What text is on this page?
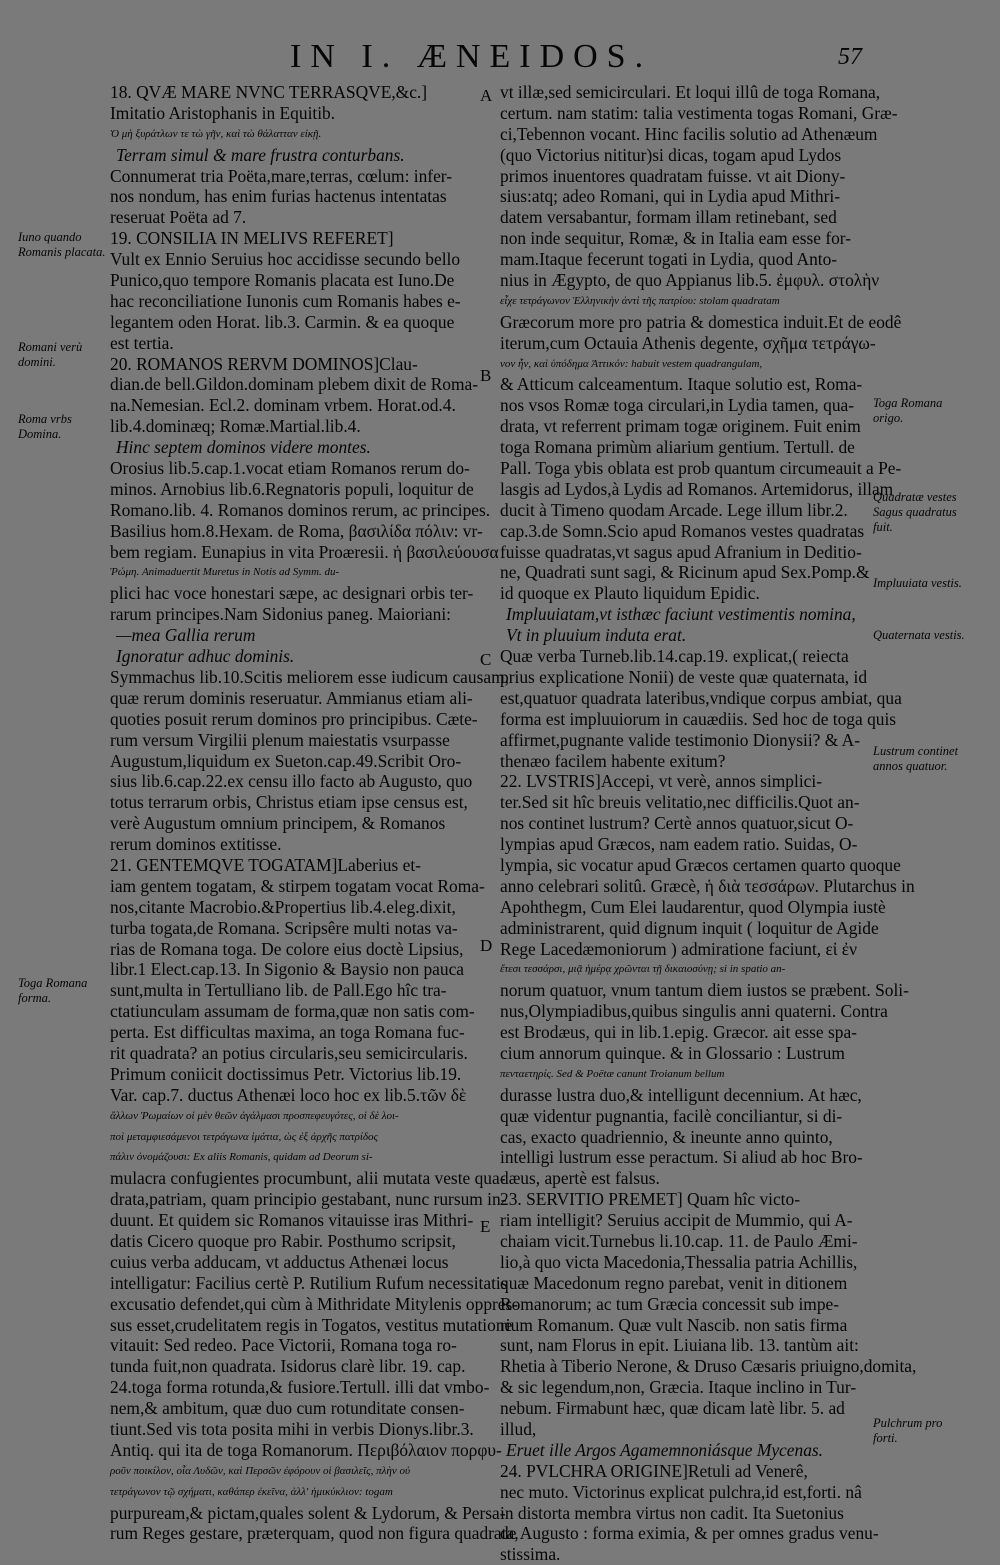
IN I. ÆNEIDOS.	57
A
B
C
D
E
Iuno quando Romanis placata.
Romani verù domini.
Roma vrbs Domina.
Toga Romana forma.
Toga Romana origo.
Quadratæ vestes Sagus quadratus fuit.
Impluuiata vestis.
Quaternata vestis.
Lustrum continet annos quatuor.
Pulchrum pro forti.
18. QVÆ MARE NVNC TERRASQVE,&c.]
Imitatio Aristophanis in Equitib.
Ὁ μὴ ξυράτλων τε τὼ γῆν, καὶ τὼ θάλατταν εἰκῇ.
Terram simul & mare frustra conturbans.
Connumerat tria Poëta,mare,terras, cœlum: infer-
nos nondum, has enim furias hactenus intentatas
reseruat Poëta ad 7.
19. CONSILIA IN MELIVS REFERET]
Vult ex Ennio Seruius hoc accidisse secundo bello
Punico,quo tempore Romanis placata est Iuno.De
hac reconciliatione Iunonis cum Romanis habes e-
legantem oden Horat. lib.3. Carmin. & ea quoque
est tertia.
20. ROMANOS RERVM DOMINOS]Clau-
dian.de bell.Gildon.dominam plebem dixit de Roma-
na.Nemesian. Ecl.2. dominam vrbem. Horat.od.4.
lib.4.dominæq; Romæ.Martial.lib.4.
Hinc septem dominos videre montes.
Orosius lib.5.cap.1.vocat etiam Romanos rerum do-
minos. Arnobius lib.6.Regnatoris populi, loquitur de
Romano.lib. 4. Romanos dominos rerum, ac principes.
Basilius hom.8.Hexam. de Roma, βασιλίδα πόλιν: vr-
bem regiam. Eunapius in vita Proæresii. ἡ βασιλεύουσα
Ῥώμη. Animaduertit Muretus in Notis ad Symm. du-
plici hac voce honestari sæpe, ac designari orbis ter-
rarum principes.Nam Sidonius paneg. Maioriani:
—mea Gallia rerum
Ignoratur adhuc dominis.
Symmachus lib.10.Scitis meliorem esse iudicum causam,
quæ rerum dominis reseruatur. Ammianus etiam ali-
quoties posuit rerum dominos pro principibus. Cæte-
rum versum Virgilii plenum maiestatis vsurpasse
Augustum,liquidum ex Sueton.cap.49.Scribit Oro-
sius lib.6.cap.22.ex censu illo facto ab Augusto, quo
totus terrarum orbis, Christus etiam ipse census est,
verè Augustum omnium principem, & Romanos
rerum dominos extitisse.
21. GENTEMQVE TOGATAM]Laberius et-
iam gentem togatam, & stirpem togatam vocat Roma-
nos,citante Macrobio.&Propertius lib.4.eleg.dixit,
turba togata,de Romana. Scripsêre multi notas va-
rias de Romana toga. De colore eius doctè Lipsius,
libr.1 Elect.cap.13. In Sigonio & Baysio non pauca
sunt,multa in Tertulliano lib. de Pall.Ego hîc tra-
ctatiunculam assumam de forma,quæ non satis com-
perta. Est difficultas maxima, an toga Romana fuc-
rit quadrata? an potius circularis,seu semicircularis.
Primum coniicit doctissimus Petr. Victorius lib.19.
Var. cap.7. ductus Athenæi loco hoc ex lib.5.τῶν δὲ
ἄλλων Ῥωμαίων οἱ μὲν θεῶν ἀγάλμασι προσπεφευγότες, οἱ δὲ λοι-
ποὶ μεταμφιεσάμενοι τετράγωνα ἱμάτια, ὡς ἐξ ἀρχῆς πατρίδος
πάλιν ὀνομάζουσι: Ex aliis Romanis, quidam ad Deorum si-
mulacra confugientes procumbunt, alii mutata veste qua-
drata,patriam, quam principio gestabant, nunc rursum in-
duunt. Et quidem sic Romanos vitauisse iras Mithri-
datis Cicero quoque pro Rabir. Posthumo scripsit,
cuius verba adducam, vt adductus Athenæi locus
intelligatur: Facilius certè P. Rutilium Rufum necessitatis
excusatio defendet,qui cùm à Mithridate Mitylenis oppres-
sus esset,crudelitatem regis in Togatos, vestitus mutatione
vitauit: Sed redeo. Pace Victorii, Romana toga ro-
tunda fuit,non quadrata. Isidorus clarè libr. 19. cap.
24.toga forma rotunda,& fusiore.Tertull. illi dat vmbo-
nem,& ambitum, quæ duo cum rotunditate consen-
tiunt.Sed vis tota posita mihi in verbis Dionys.libr.3.
Antiq. qui ita de toga Romanorum. Περιβόλαιον πορφυ-
ροῦν ποικίλον, οἷα Λυδῶν, καὶ Περσῶν ἐφόρουν οἱ βασιλεῖς, πλὴν οὐ
τετράγωνον τῷ σχήματι, καθάπερ ἐκεῖνα, ἀλλ' ἡμικύκλιον: togam
purpuream,& pictam,quales solent & Lydorum, & Persa-
rum Reges gestare, præterquam, quod non figura quadrata,
vt illæ,sed semicirculari. Et loqui illû de toga Romana,
certum. nam statim: talia vestimenta togas Romani, Græ-
ci,Tebennon vocant. Hinc facilis solutio ad Athenæum
(quo Victorius nititur)si dicas, togam apud Lydos
primos inuentores quadratam fuisse. vt ait Diony-
sius:atq; adeo Romani, qui in Lydia apud Mithri-
datem versabantur, formam illam retinebant, sed
non inde sequitur, Romæ, & in Italia eam esse for-
mam.Itaque fecerunt togati in Lydia, quod Anto-
nius in Ægypto, de quo Appianus lib.5. ἐμφυλ. στολὴν
εἶχε τετράγωνον Ἑλληνικὴν ἀντὶ τῆς πατρίου: stolam quadratam
Græcorum more pro patria & domestica induit.Et de eodê
iterum,cum Octauia Athenis degente, σχῆμα τετράγω-
νον ἦν, καὶ ὑπόδημα Ἀττικόν: habuit vestem quadrangulam,
& Atticum calceamentum. Itaque solutio est, Roma-
nos vsos Romæ toga circulari,in Lydia tamen, qua-
drata, vt referrent primam togæ originem. Fuit enim
toga Romana primùm aliarium gentium. Tertull. de
Pall. Toga ybis oblata est prob quantum circumeauit a Pe-
lasgis ad Lydos,à Lydis ad Romanos. Artemidorus, illam
ducit à Timeno quodam Arcade. Lege illum libr.2.
cap.3.de Somn.Scio apud Romanos vestes quadratas
fuisse quadratas,vt sagus apud Afranium in Deditio-
ne, Quadrati sunt sagi, & Ricinum apud Sex.Pomp.&
id quoque ex Plauto liquidum Epidic.
Impluuiatam,vt isthæc faciunt vestimentis nomina,
Vt in pluuium induta erat.
Quæ verba Turneb.lib.14.cap.19. explicat,( reiecta
prius explicatione Nonii) de veste quæ quaternata, id
est,quatuor quadrata lateribus,vndique corpus ambiat, qua
forma est impluuiorum in cauædiis. Sed hoc de toga quis
affirmet,pugnante valide testimonio Dionysii? & A-
thenæo facilem habente exitum?
22. LVSTRIS]Accepi, vt verè, annos simplici-
ter.Sed sit hîc breuis velitatio,nec difficilis.Quot an-
nos continet lustrum? Certè annos quatuor,sicut O-
lympias apud Græcos, nam eadem ratio. Suidas, O-
lympia, sic vocatur apud Græcos certamen quarto quoque
anno celebrari solitû. Græcè, ἡ διὰ τεσσάρων. Plutarchus in
Apohthegm, Cum Elei laudarentur, quod Olympia iustè
administrarent, quid dignum inquit ( loquitur de Agide
Rege Lacedæmoniorum ) admiratione faciunt, εἰ ἐν
ἔτεσι τεσσάρσι, μιᾷ ἡμέρᾳ χρῶνται τῇ δικαιοσύνῃ; si in spatio an-
norum quatuor, vnum tantum diem iustos se præbent. Soli-
nus,Olympiadibus,quibus singulis anni quaterni. Contra
est Brodæus, qui in lib.1.epig. Græcor. ait esse spa-
cium annorum quinque. & in Glossario : Lustrum
πενταετηρίς. Sed & Poëtæ canunt Troianum bellum
durasse lustra duo,& intelligunt decennium. At hæc,
quæ videntur pugnantia, facilè conciliantur, si di-
cas, exacto quadriennio, & ineunte anno quinto,
intelligi lustrum esse peractum. Si aliud ab hoc Bro-
dæus, apertè est falsus.
23. SERVITIO PREMET] Quam hîc victo-
riam intelligit? Seruius accipit de Mummio, qui A-
chaiam vicit.Turnebus li.10.cap. 11. de Paulo Æmi-
lio,à quo victa Macedonia,Thessalia patria Achillis,
quæ Macedonum regno parebat, venit in ditionem
Romanorum; ac tum Græcia concessit sub impe-
rium Romanum. Quæ vult Nascib. non satis firma
sunt, nam Florus in epit. Liuiana lib. 13. tantùm ait:
Rhetia à Tiberio Nerone, & Druso Cæsaris priuigno,domita,
& sic legendum,non, Græcia. Itaque inclino in Tur-
nebum. Firmabunt hæc, quæ dicam latè libr. 5. ad
illud,
Eruet ille Argos Agamemnoniásque Mycenas.
24. PVLCHRA ORIGINE]Retuli ad Venerê,
nec muto. Victorinus explicat pulchra,id est,forti. nâ
in distorta membra virtus non cadit. Ita Suetonius
de Augusto : forma eximia, & per omnes gradus venu-
stissima.
